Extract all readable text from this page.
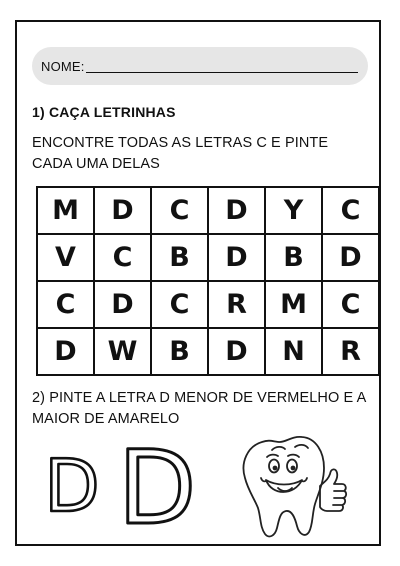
NOME:
1) CAÇA LETRINHAS
ENCONTRE TODAS AS LETRAS C E PINTE CADA UMA DELAS
M	D	C	D	Y	C
V	C	B	D	B	D
C	D	C	R	M	C
D	W	B	D	N	R
2) PINTE A LETRA D MENOR DE VERMELHO E A MAIOR DE AMARELO
D D
